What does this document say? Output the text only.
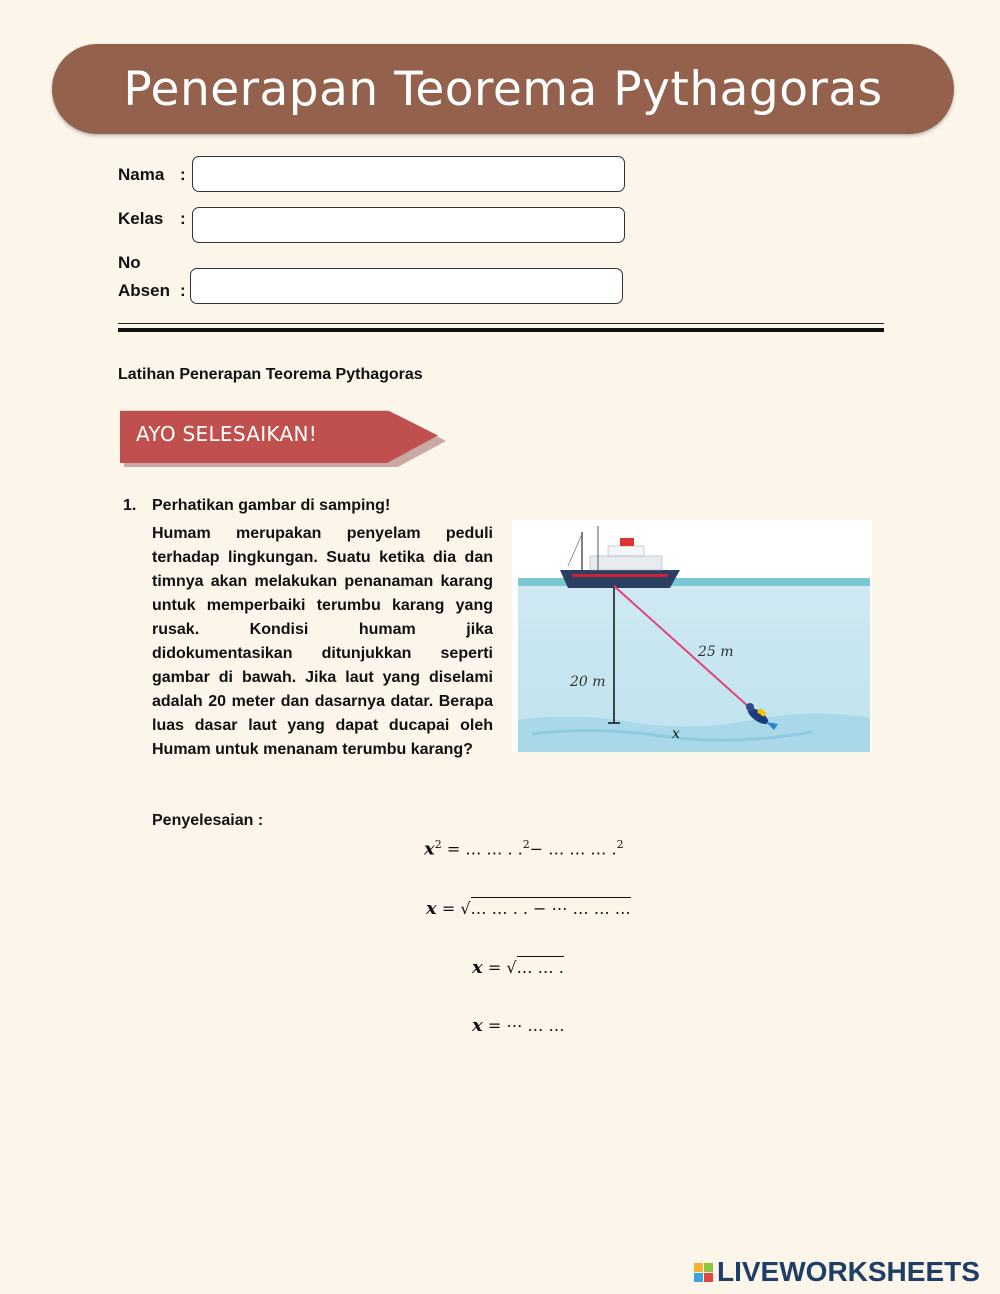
Penerapan Teorema Pythagoras
Nama :
Kelas :
No
Absen :
Latihan Penerapan Teorema Pythagoras
AYO SELESAIKAN!
1. Perhatikan gambar di samping!
Humam merupakan penyelam peduli terhadap lingkungan. Suatu ketika dia dan timnya akan melakukan penanaman karang untuk memperbaiki terumbu karang yang rusak. Kondisi humam jika didokumentasikan ditunjukkan seperti gambar di bawah. Jika laut yang diselami adalah 20 meter dan dasarnya datar. Berapa luas dasar laut yang dapat ducapai oleh Humam untuk menanam terumbu karang?
20 m
25 m
x
Penyelesaian :
$x^2$ = … … . .$^2$− … … … .$^2$
x = √… … . . − ⋯ … … …
x = √… … .
x = ⋯ … …
LIVEWORKSHEETS
